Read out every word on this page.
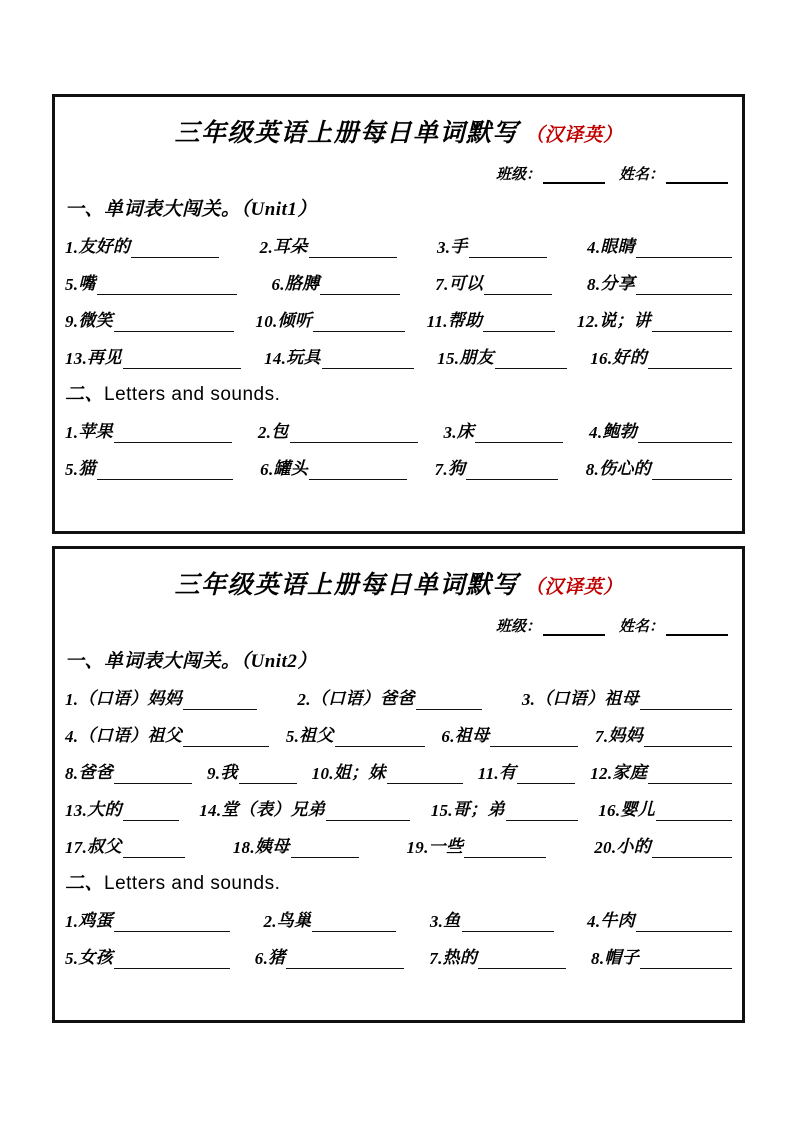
三年级英语上册每日单词默写 （汉译英）
班级：	姓名：
一、单词表大闯关。（Unit1）
1. 友好的	2. 耳朵	3. 手	4. 眼睛
5. 嘴	6. 胳膊	7. 可以	8. 分享
9. 微笑	10. 倾听	11. 帮助	12. 说；讲
13. 再见	14. 玩具	15. 朋友	16. 好的
二、Letters and sounds.
1. 苹果	2. 包	3. 床	4. 鲍勃
5. 猫	6. 罐头	7. 狗	8. 伤心的
三年级英语上册每日单词默写 （汉译英）
班级：	姓名：
一、单词表大闯关。（Unit2）
1. （口语）妈妈	2. （口语）爸爸	3. （口语）祖母
4. （口语）祖父	5. 祖父	6. 祖母	7. 妈妈
8. 爸爸	9. 我	10. 姐；妹	11. 有	12. 家庭
13. 大的	14. 堂（表）兄弟	15. 哥；弟	16. 婴儿
17. 叔父	18. 姨母	19. 一些	20. 小的
二、Letters and sounds.
1. 鸡蛋	2. 鸟巢	3. 鱼	4. 牛肉
5. 女孩	6. 猪	7. 热的	8. 帽子
